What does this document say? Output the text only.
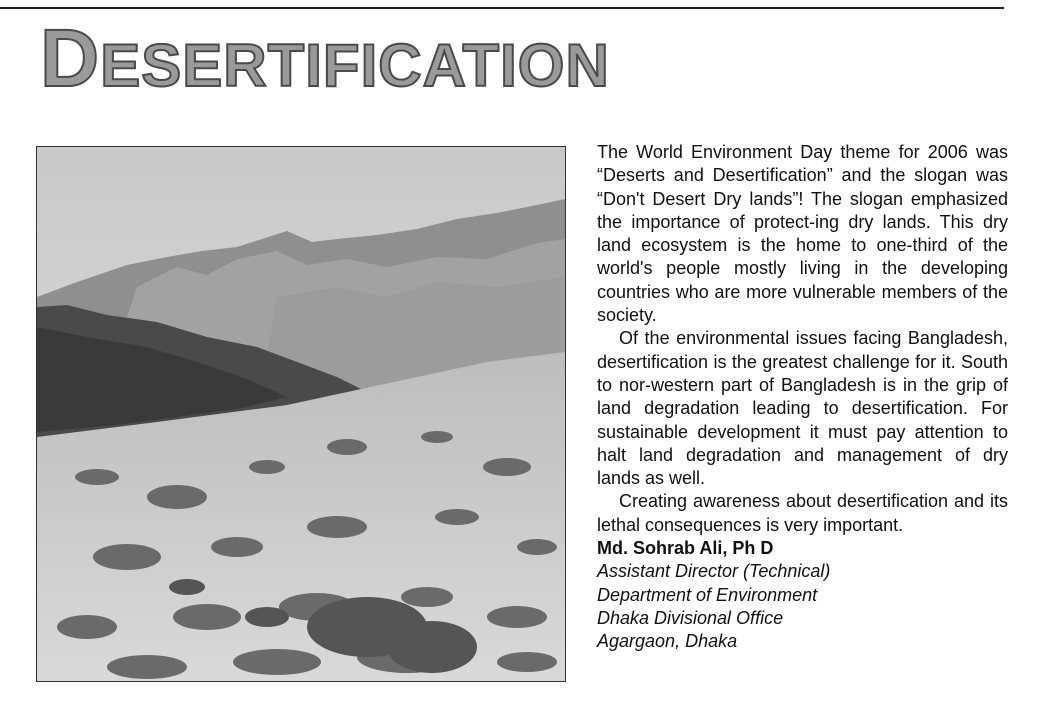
DESERTIFICATION

The World Environment Day theme for 2006 was “Deserts and Desertification” and the slogan was “Don't Desert Dry lands”! The slogan emphasized the importance of protect-ing dry lands. This dry land ecosystem is the home to one-third of the world's people mostly living in the developing countries who are more vulnerable members of the society.

Of the environmental issues facing Bangladesh, desertification is the greatest challenge for it. South to nor-western part of Bangladesh is in the grip of land degradation leading to desertification. For sustainable development it must pay attention to halt land degradation and management of dry lands as well.

Creating awareness about desertification and its lethal consequences is very important.

Md. Sohrab Ali, Ph D
Assistant Director (Technical)
Department of Environment
Dhaka Divisional Office
Agargaon, Dhaka
